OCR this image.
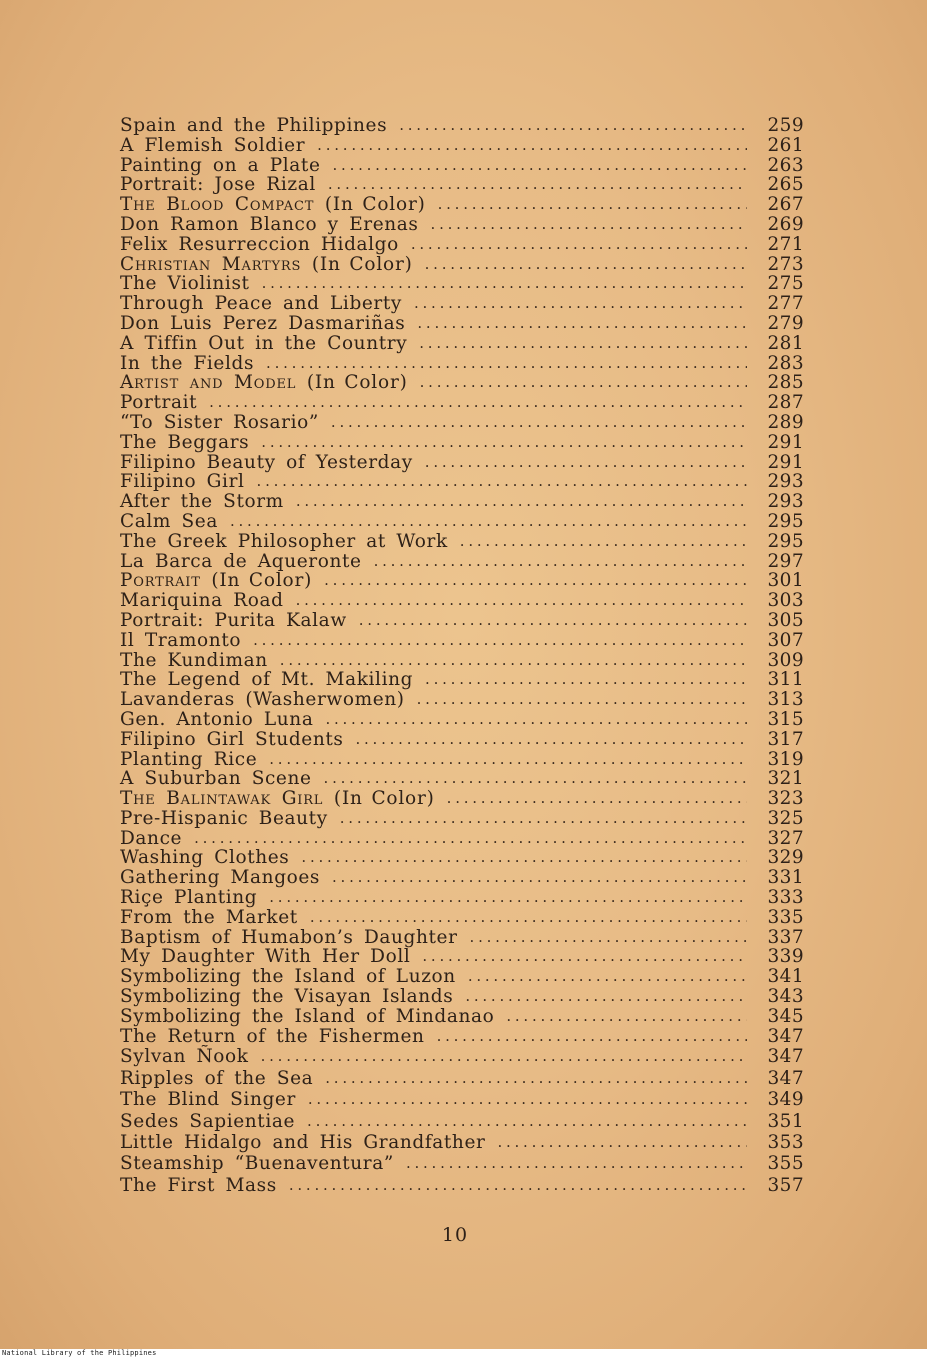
Spain and the Philippines . . .	259
A Flemish Soldier . . .	261
Painting on a Plate . . .	263
Portrait: Jose Rizal . . .	265
The Blood Compact (In Color) . . .	267
Don Ramon Blanco y Erenas . . .	269
Felix Resurreccion Hidalgo . . .	271
Christian Martyrs (In Color) . . .	273
The Violinist . . .	275
Through Peace and Liberty . . .	277
Don Luis Perez Dasmariñas . . .	279
A Tiffin Out in the Country . . .	281
In the Fields . . .	283
Artist and Model (In Color) . . .	285
Portrait . . .	287
“To Sister Rosario” . . .	289
The Beggars . . .	291
Filipino Beauty of Yesterday . . .	291
Filipino Girl . . .	293
After the Storm . . .	293
Calm Sea . . .	295
The Greek Philosopher at Work . . .	295
La Barca de Aqueronte . . .	297
Portrait (In Color) . . .	301
Mariquina Road . . .	303
Portrait: Purita Kalaw . . .	305
Il Tramonto . . .	307
The Kundiman . . .	309
The Legend of Mt. Makiling . . .	311
Lavanderas (Washerwomen) . . .	313
Gen. Antonio Luna . . .	315
Filipino Girl Students . . .	317
Planting Rice . . .	319
A Suburban Scene . . .	321
The Balintawak Girl (In Color) . . .	323
Pre-Hispanic Beauty . . .	325
Dance . . .	327
Washing Clothes . . .	329
Gathering Mangoes . . .	331
Riçe Planting . . .	333
From the Market . . .	335
Baptism of Humabon’s Daughter . . .	337
My Daughter With Her Doll . . .	339
Symbolizing the Island of Luzon . . .	341
Symbolizing the Visayan Islands . . .	343
Symbolizing the Island of Mindanao . . .	345
The Return of the Fishermen . . .	347
Sylvan Ñook . . .	347
Ripples of the Sea . . .	347
The Blind Singer . . .	349
Sedes Sapientiae . . .	351
Little Hidalgo and His Grandfather . . .	353
Steamship “Buenaventura” . . .	355
The First Mass . . .	357
10
National Library of the Philippines
